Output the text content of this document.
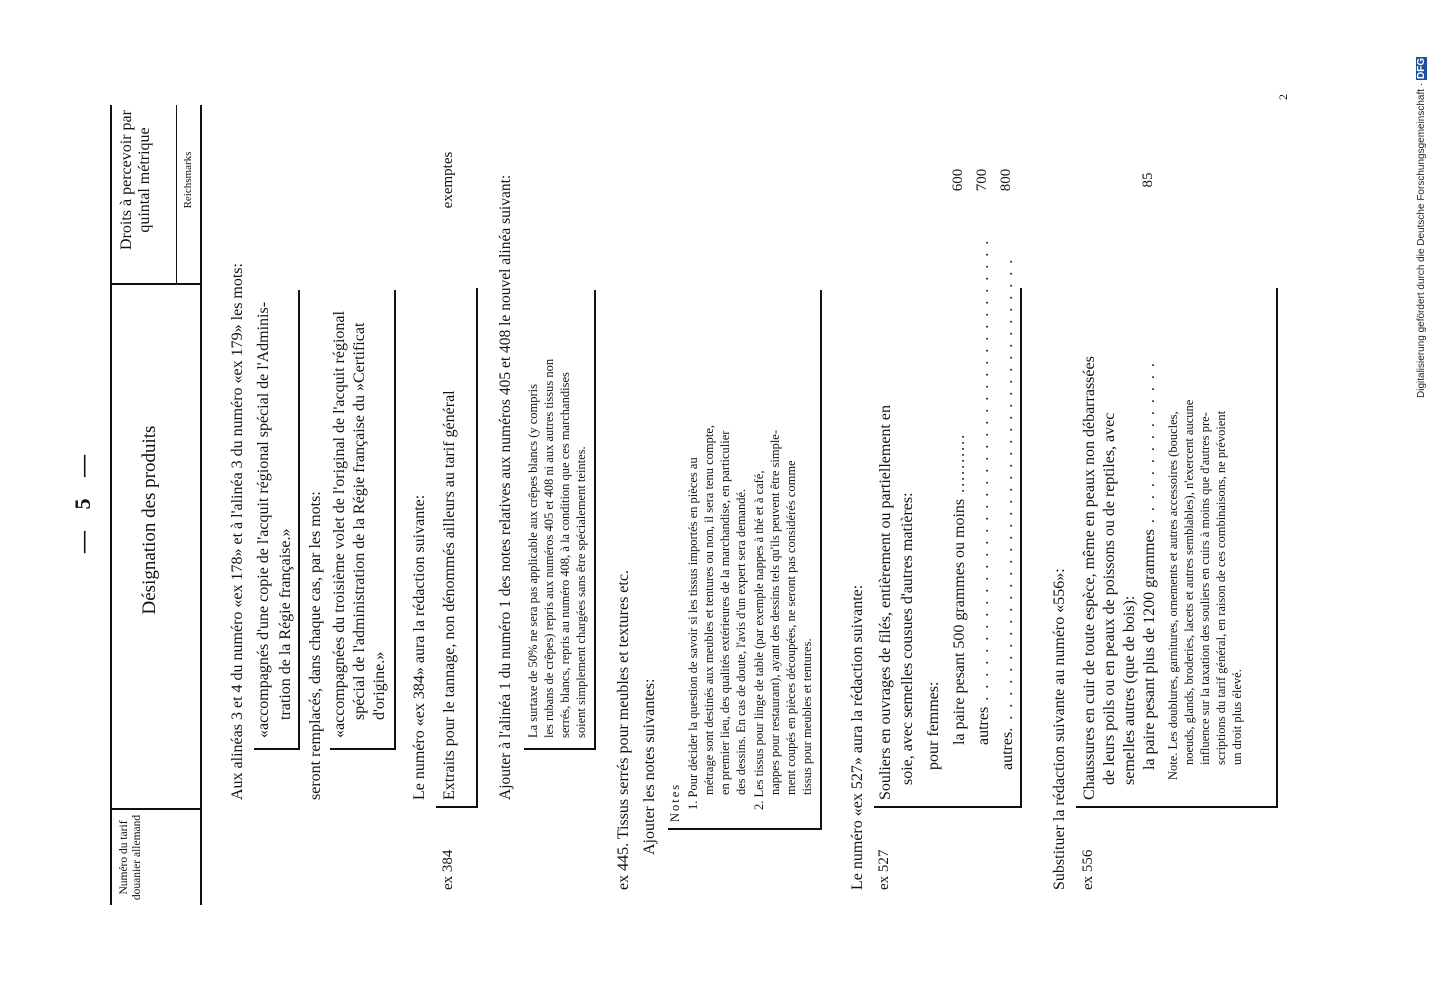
Digitalisierung gefördert durch die Deutsche Forschungsgemeinschaft · DFG
— 5 —
Numéro du tarif douanier allemand
Désignation des produits
Droits à percevoir par quintal métrique	Reichsmarks
Aux alinéas 3 et 4 du numéro «ex 178» et à l'alinéa 3 du numéro «ex 179» les mots: «accompagnés d'une copie de l'acquit régional spécial de l'Adminis- tration de la Régie française.» seront remplacés, dans chaque cas, par les mots: «accompagnées du troisième volet de l'original de l'acquit régional spécial de l'administration de la Régie française du »Certificat d'origine.» Le numéro «ex 384» aura la rédaction suivante:
ex 384
Extraits pour le tannage, non dénommés ailleurs au tarif général
exemptes	Ajouter à l'alinéa 1 du numéro 1 des notes relatives aux numéros 405 et 408 le nouvel alinéa suivant: La surtaxe de 50% ne sera pas applicable aux crêpes blancs (y compris les rubans de crêpes) repris aux numéros 405 et 408 ni aux autres tissus non serrés, blancs, repris au numéro 408, à la condition que ces marchandises soient simplement chargées sans être spécialement teintes. ex 445. Tissus serrés pour meubles et textures etc. Ajouter les notes suivantes: Notes 1. Pour décider la question de savoir si les tissus importés en pièces au métrage sont destinés aux meubles et tentures ou non, il sera tenu compte, en premier lieu, des qualités extérieures de la marchandise, en particulier des dessins. En cas de doute, l'avis d'un expert sera demandé. 2. Les tissus pour linge de table (par exemple nappes à thé et à café, nappes pour restaurant), ayant des dessins tels qu'ils peuvent être simple- ment coupés en pièces découpées, ne seront pas considérés comme tissus pour meubles et tentures. Le numéro «ex 527» aura la rédaction suivante: ex 527
Souliers en ouvrages de filés, entièrement ou partiellement en soie, avec semelles cousues d'autres matières: pour femmes: la paire pesant 500 grammes ou moins ..........
autres . . . . . . . . . . . . . . . . . . . . . . . . . . . . . . . . . . . . . . .
autres. . . . . . . . . . . . . . . . . . . . . . . . . . . . . . . . . . . . . . . .
600 700 800
Substituer la rédaction suivante au numéro «556»: ex 556
Chaussures en cuir de toute espèce, même en peaux non débarrassées de leurs poils ou en peaux de poissons ou de reptiles, avec semelles autres (que de bois): la paire pesant plus de 1200 grammes . . . . . . . . . . . . . .
85
Note. Les doublures, garnitures, ornements et autres accessoires (boucles, noeuds, glands, broderies, lacets et autres semblables), n'exercent aucune influence sur la taxation des souliers en cuirs à moins que d'autres pre- scriptions du tarif général, en raison de ces combinaisons, ne prévoient un droit plus élevé.
2
